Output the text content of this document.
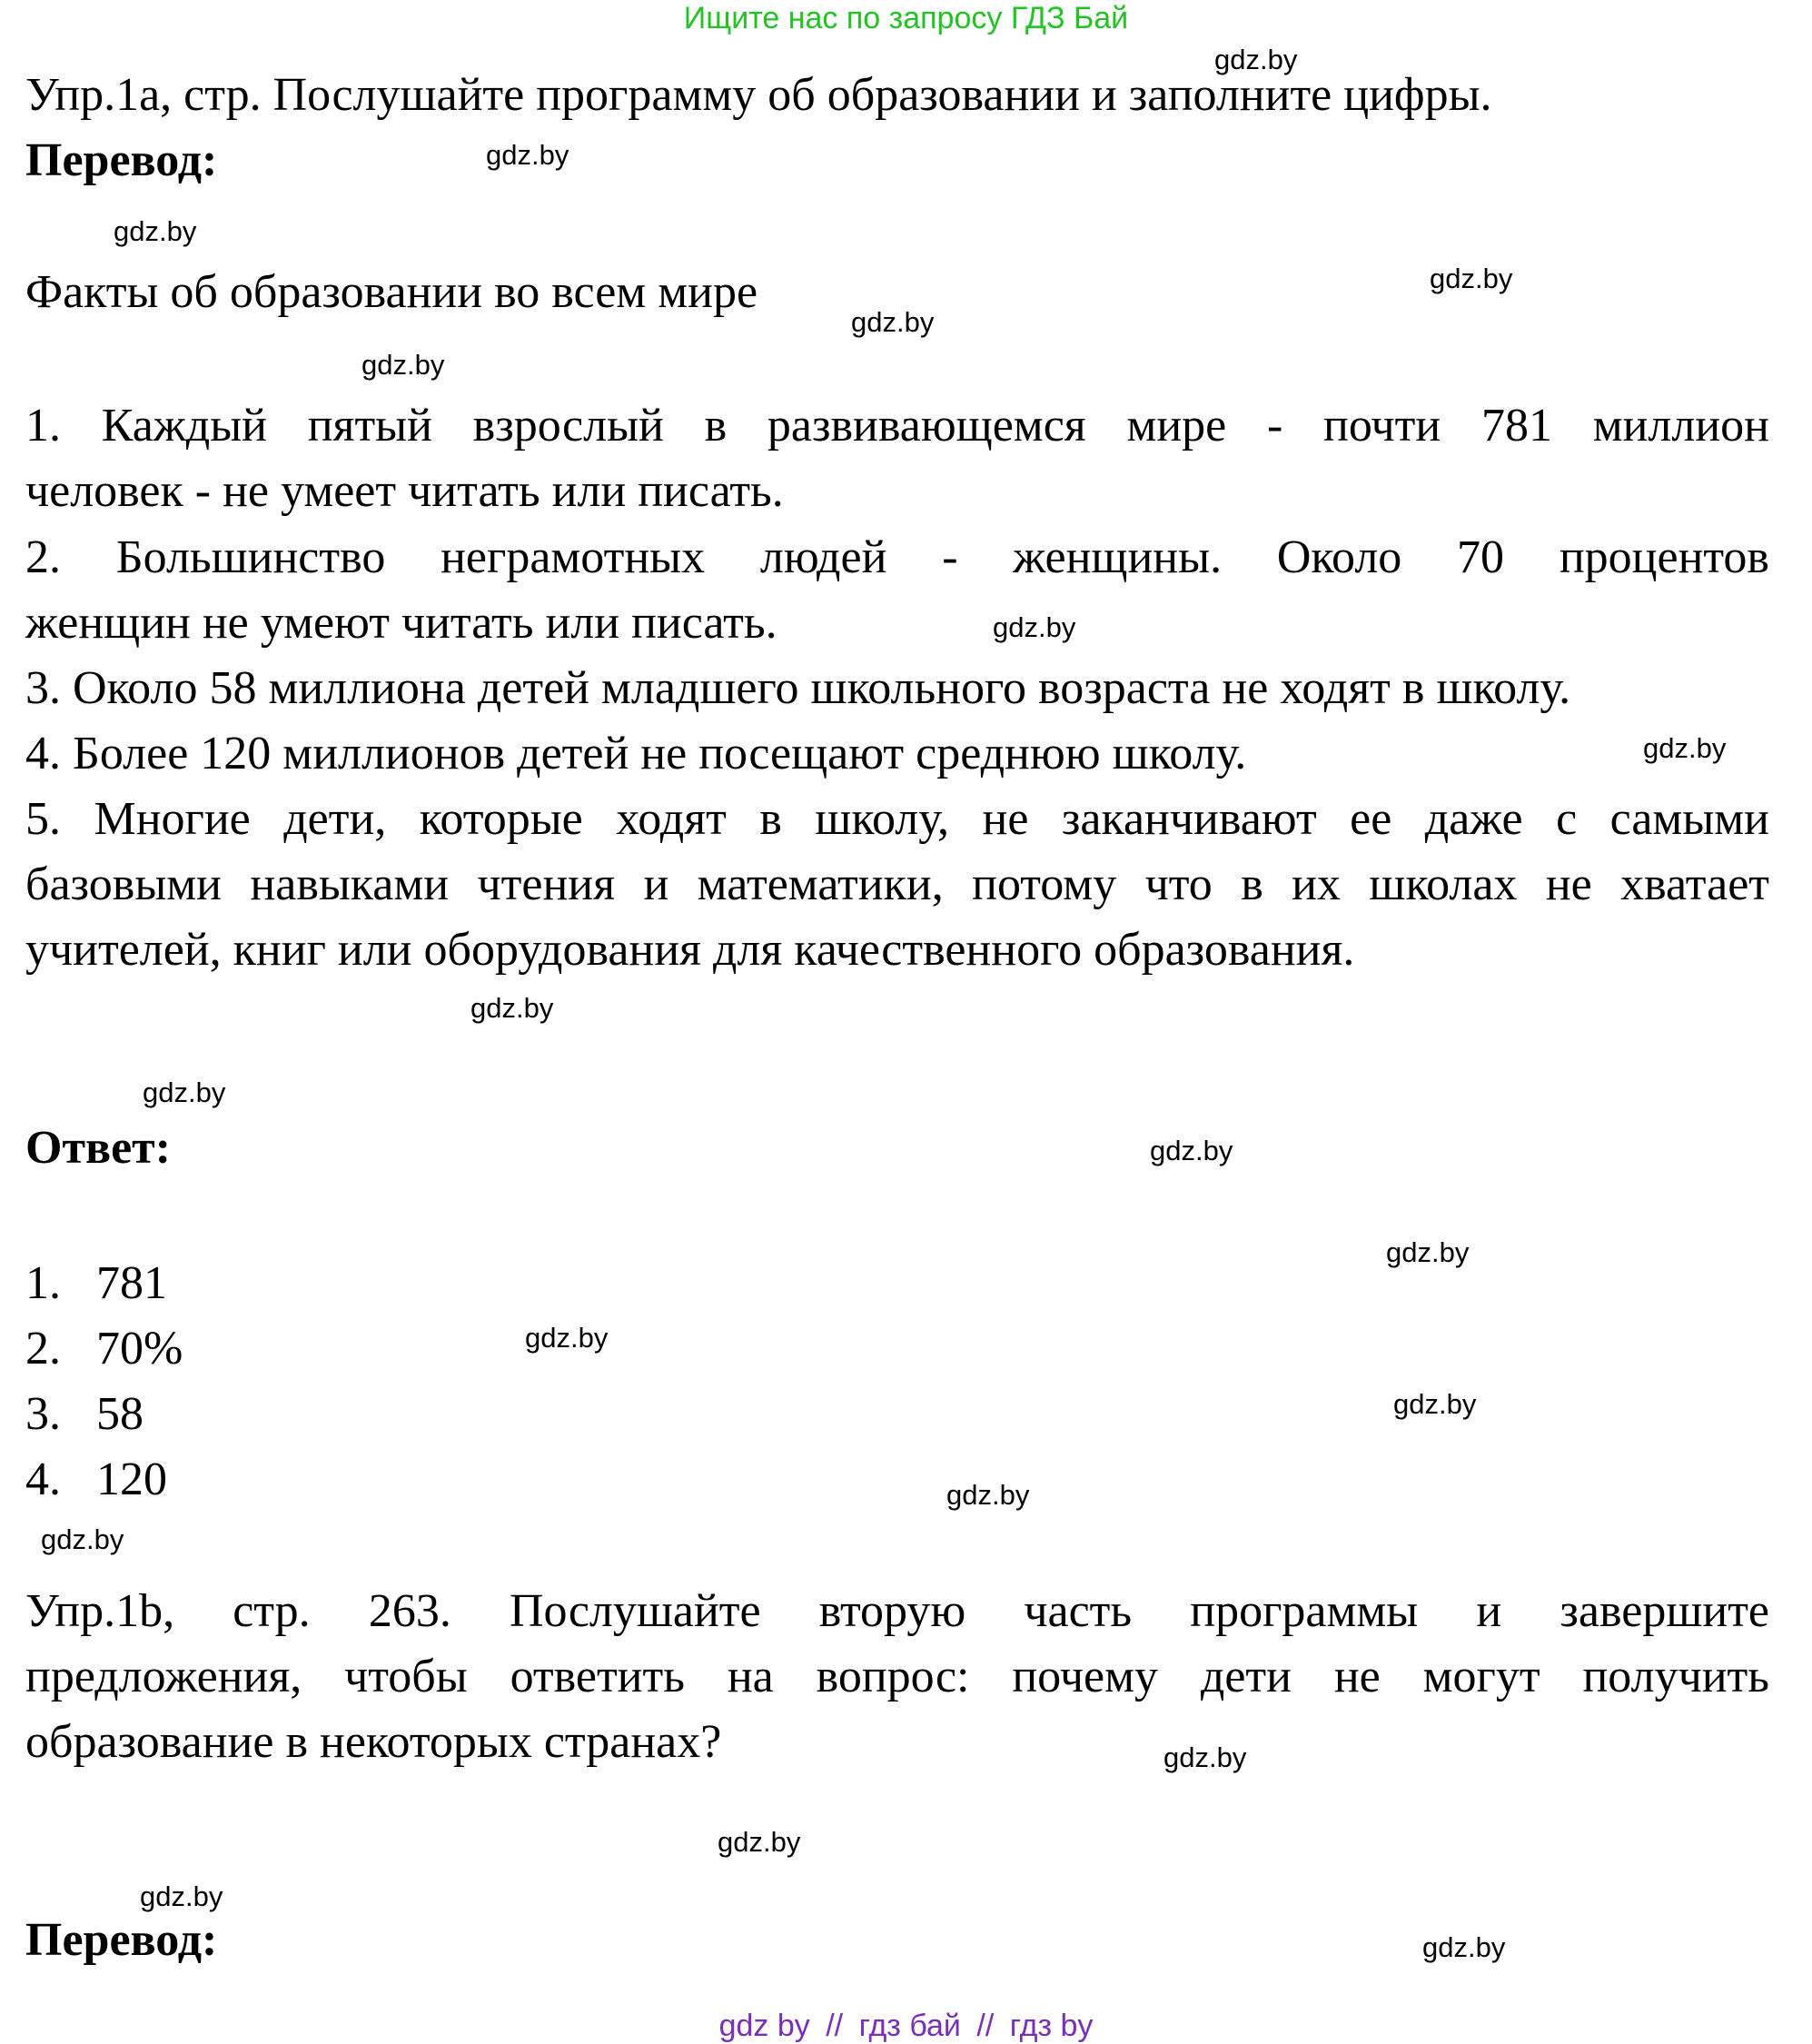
Ищите нас по запросу ГДЗ Бай
Упр.1а, стр. Послушайте программу об образовании и заполните цифры.
Перевод:
Факты об образовании во всем мире
1. Каждый пятый взрослый в развивающемся мире - почти 781 миллион
человек - не умеет читать или писать.
2. Большинство неграмотных людей - женщины. Около 70 процентов
женщин не умеют читать или писать.
3. Около 58 миллиона детей младшего школьного возраста не ходят в школу.
4. Более 120 миллионов детей не посещают среднюю школу.
5. Многие дети, которые ходят в школу, не заканчивают ее даже с самыми
базовыми навыками чтения и математики, потому что в их школах не хватает
учителей, книг или оборудования для качественного образования.
Ответ:
1. 781
2. 70%
3. 58
4. 120
Упр.1b, стр. 263. Послушайте вторую часть программы и завершите
предложения, чтобы ответить на вопрос: почему дети не могут получить
образование в некоторых странах?
Перевод:
gdz.by
gdz.by
gdz.by
gdz.by
gdz.by
gdz.by
gdz.by
gdz.by
gdz.by
gdz.by
gdz.by
gdz.by
gdz.by
gdz.by
gdz.by
gdz.by
gdz.by
gdz.by
gdz.by
gdz.by
gdz by // гдз бай // гдз by
